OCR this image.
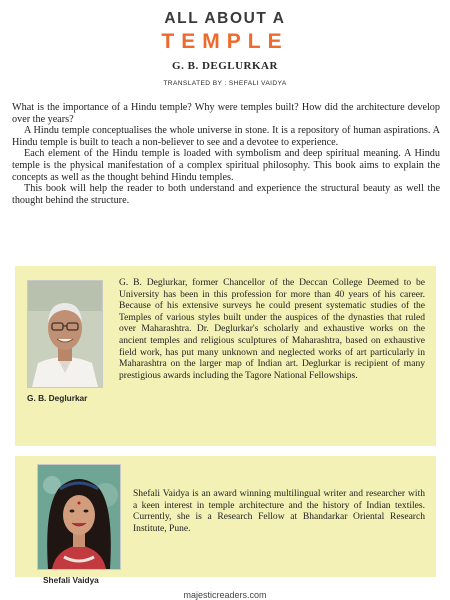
ALL ABOUT A
TEMPLE
G. B. DEGLURKAR
TRANSLATED BY : SHEFALI VAIDYA

What is the importance of a Hindu temple? Why were temples built? How did the architecture develop over the years?

A Hindu temple conceptualises the whole universe in stone. It is a repository of human aspirations. A Hindu temple is built to teach a non-believer to see and a devotee to experience.

Each element of the Hindu temple is loaded with symbolism and deep spiritual meaning. A Hindu temple is the physical manifestation of a complex spiritual philosophy. This book aims to explain the concepts as well as the thought behind Hindu temples.

This book will help the reader to both understand and experience the structural beauty as well the thought behind the structure.

G. B. Deglurkar

G. B. Deglurkar, former Chancellor of the Deccan College Deemed to be University has been in this profession for more than 40 years of his career. Because of his extensive surveys he could present systematic studies of the Temples of various styles built under the auspices of the dynasties that ruled over Maharashtra. Dr. Deglurkar's scholarly and exhaustive works on the ancient temples and religious sculptures of Maharashtra, based on exhaustive field work, has put many unknown and neglected works of art particularly in Maharashtra on the larger map of Indian art. Deglurkar is recipient of many prestigious awards including the Tagore National Fellowships.

Shefali Vaidya

Shefali Vaidya is an award winning multilingual writer and researcher with a keen interest in temple architecture and the history of Indian textiles. Currently, she is a Research Fellow at Bhandarkar Oriental Research Institute, Pune.

majesticreaders.com
